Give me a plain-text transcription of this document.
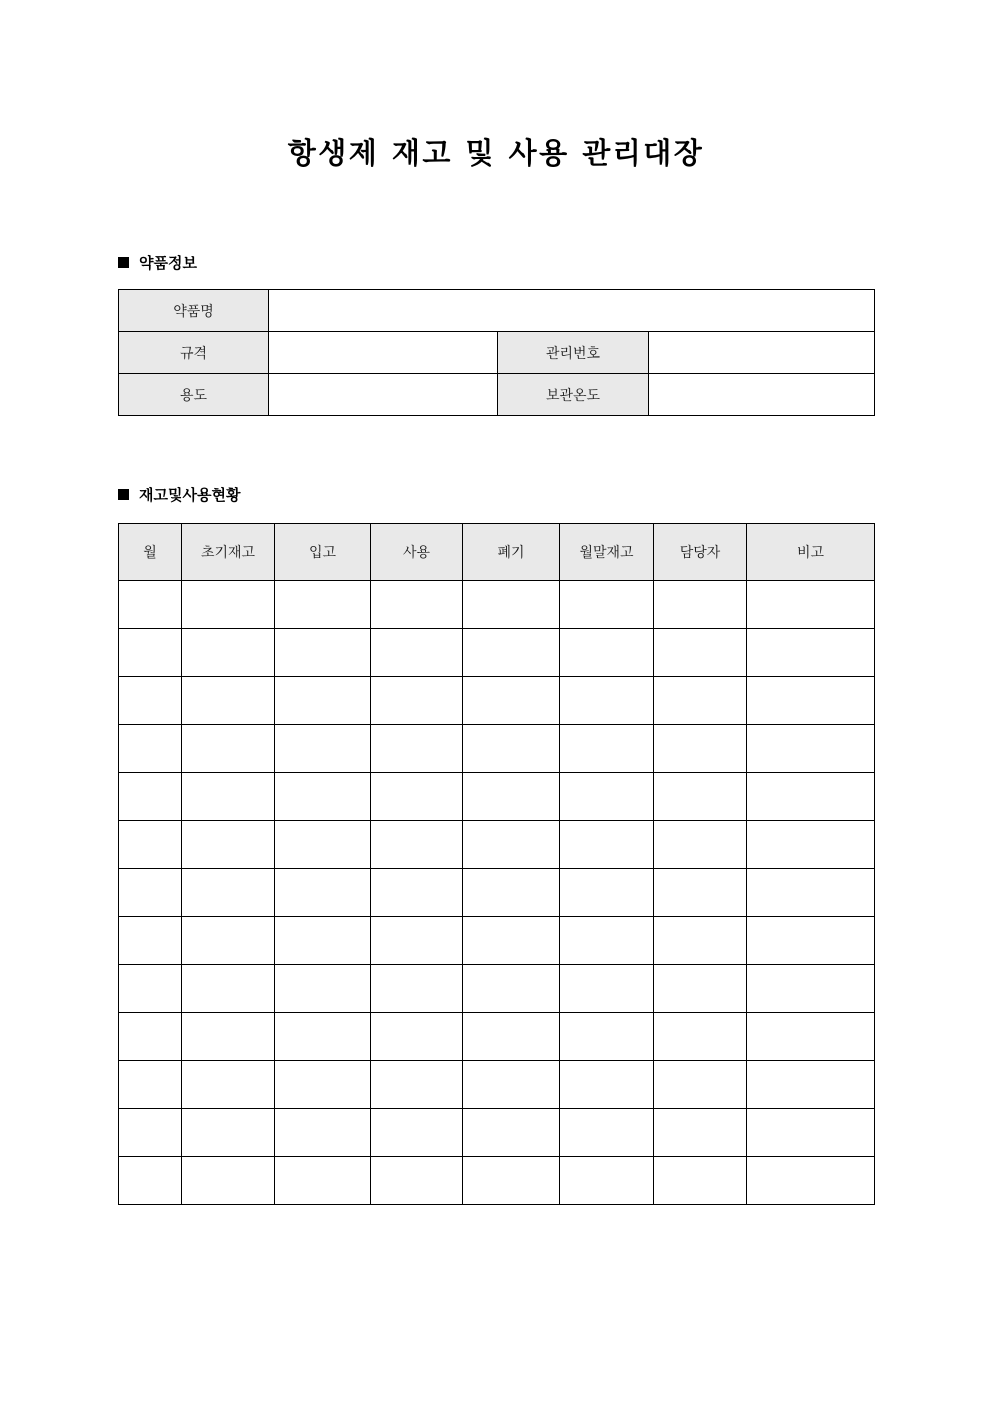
항생제 재고 및 사용 관리대장
약품정보
약품명			
규격		관리번호	
용도		보관온도	
재고및사용현황
월	초기재고	입고	사용	폐기	월말재고	담당자	비고
